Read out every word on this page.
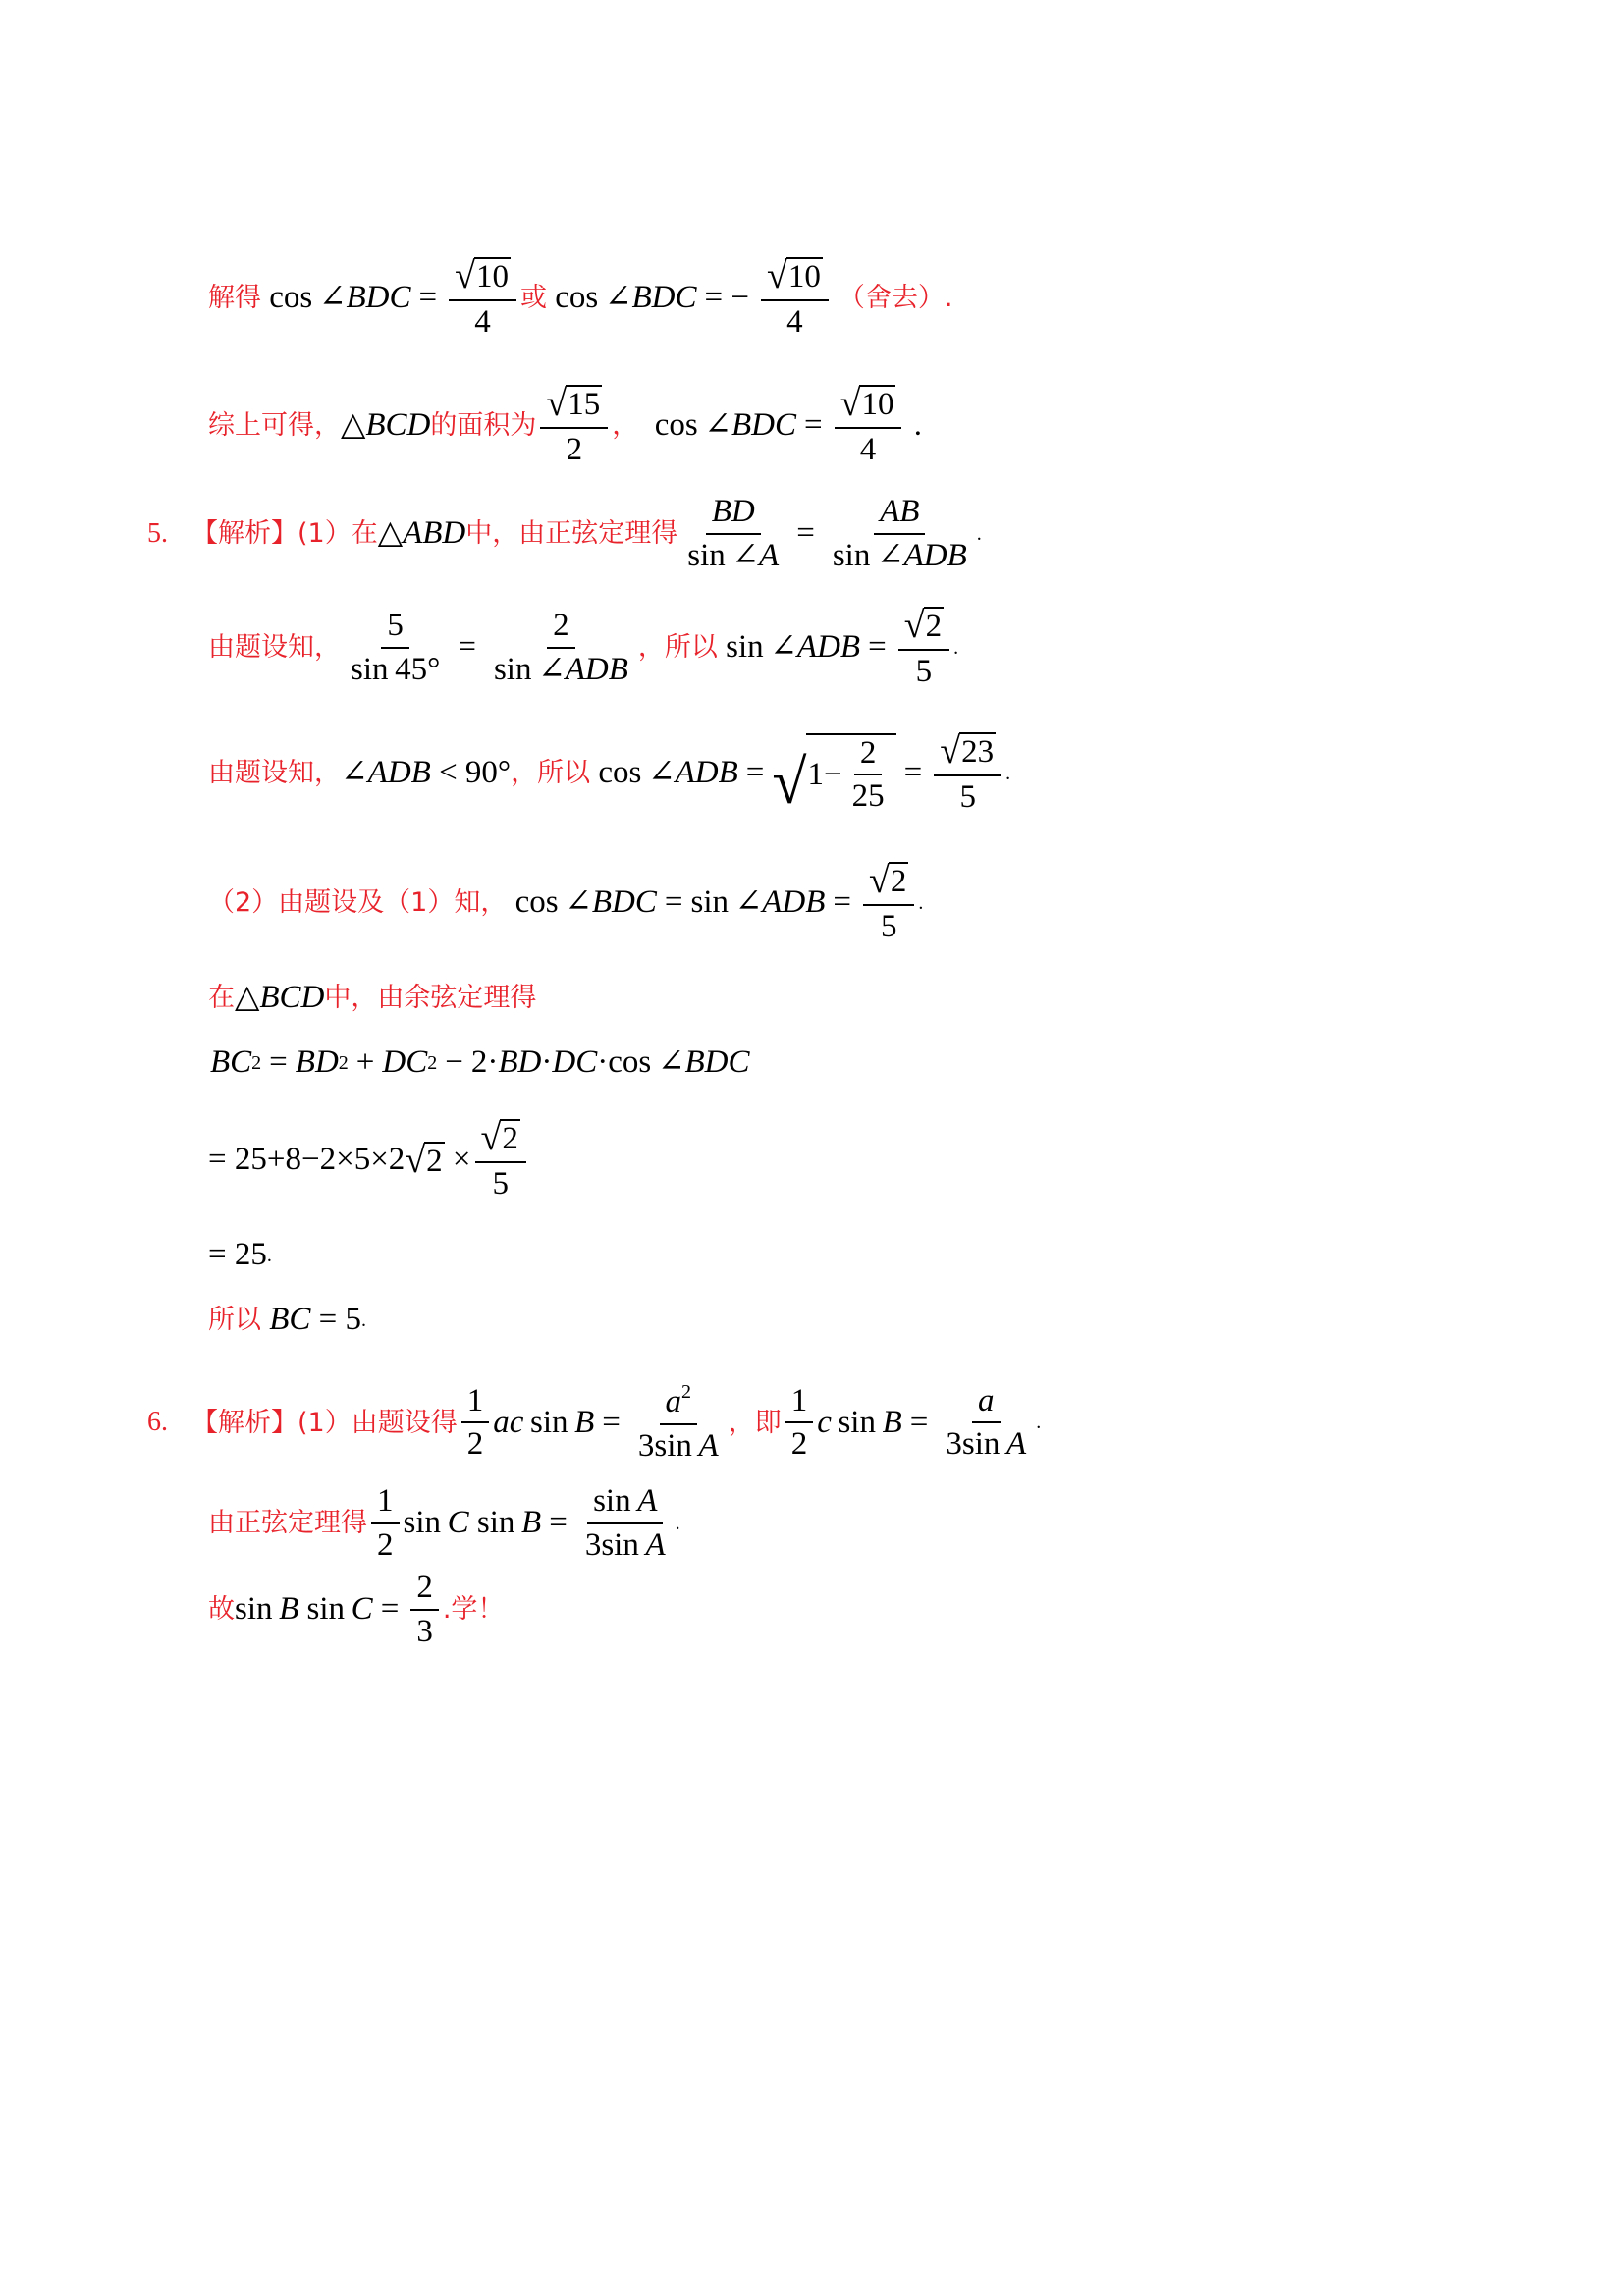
解得 cos ∠BDC = $\frac{√ 10}{4}$ 或 cos ∠BDC = − $\frac{√ 10}{4}$ （舍去）.
综上可得， △BCD 的面积为 $\frac{√ 15}{2}$ ， cos ∠BDC = $\frac{√ 10}{4}$ .
5. 【解析】(1）在 △ABD 中，由正弦定理得 $\frac{BD}{\sin \angle A} = \frac{AB}{\text{sin ∠ADB}}$ .
由题设知， $\frac{5}{\sin 45^\circ} = \frac{2}{\text{sin ∠ADB}}$ ，所以 sin ∠ADB = $\frac{√ 2}{5}$ .
由题设知， ∠ADB < 90° ，所以 cos ∠ADB = √ $1- \frac{2}{25} = \frac{√ 23}{5}$ .
（2）由题设及（1）知， cos ∠BDC = sin ∠ADB = $\frac{√ 2}{5}$ .
在 △BCD 中，由余弦定理得
BC 2 = BD 2 + DC 2 − 2· BD · DC ·cos ∠ BDC
= 25+8−2×5×2 √ $2 \times \frac{√ 2}{5}$
= 25 .
所以 BC = 5 .
6. 【解析】(1）由题设得 $\frac{1}{2}$ ac $\sin B = \frac{a^2}{\text{3sin A}}$ ，即 $\frac{1}{2}$ c $\sin B = \frac{a}{\text{3sin A}}$ .
由正弦定理得 $\frac{1}{2}$ sin C $\sin B = \frac{\text{sin A}}{\text{3sin A}}$ .
故 sin B $\sin C = \frac{2}{3}$ .学！
